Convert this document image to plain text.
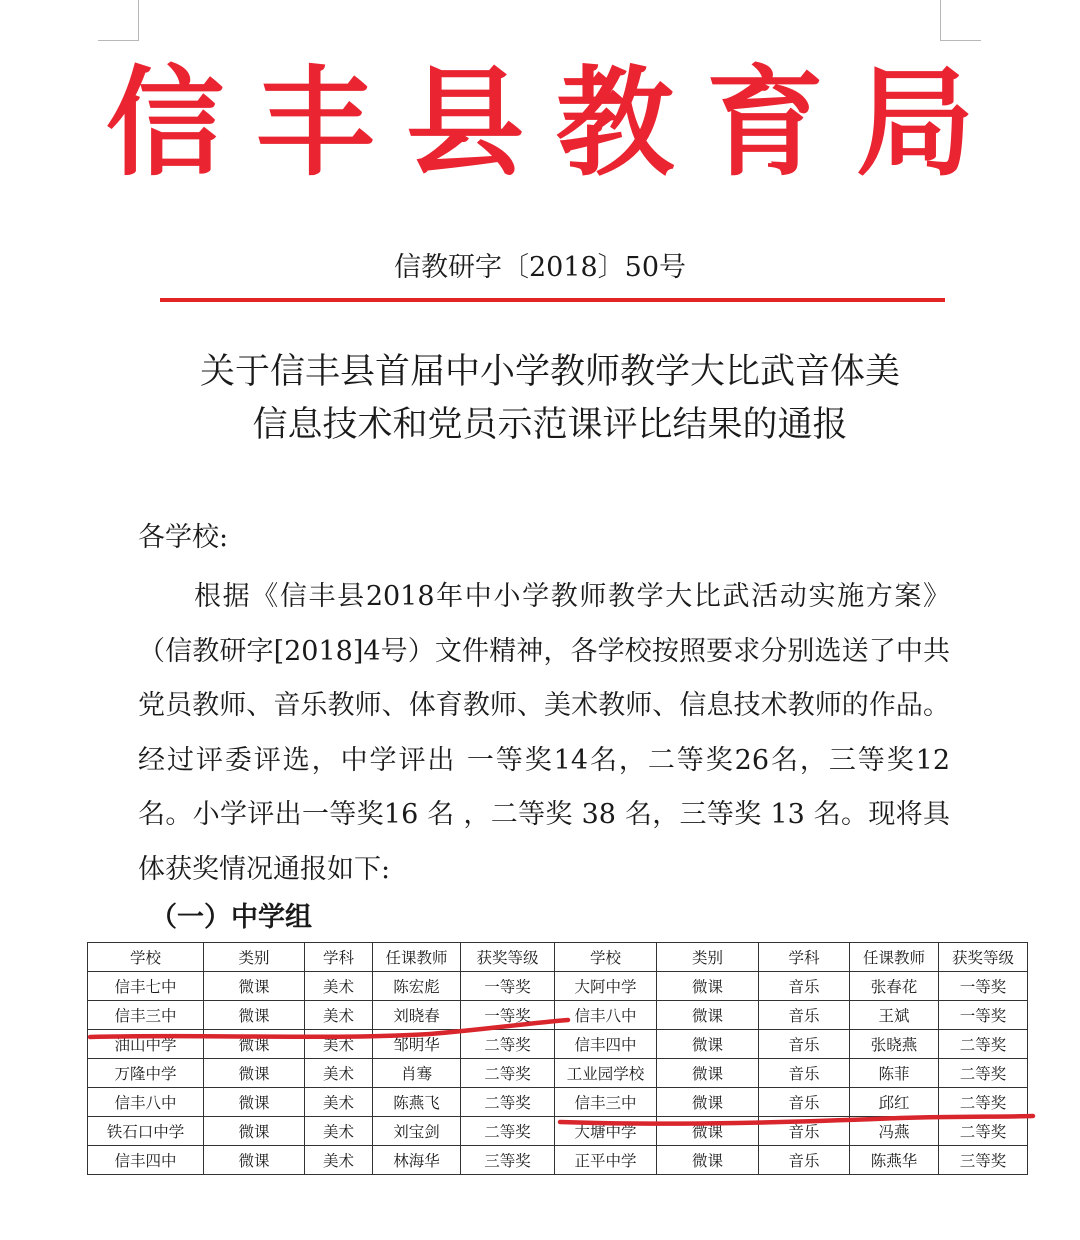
信丰县教育局
信教研字〔2018〕50号
关于信丰县首届中小学教师教学大比武音体美
信息技术和党员示范课评比结果的通报
各学校:
根据《信丰县2018年中小学教师教学大比武活动实施方案》（信教研字[2018]4号）文件精神，各学校按照要求分别选送了中共党员教师、音乐教师、体育教师、美术教师、信息技术教师的作品。经过评委评选，中学评出 一等奖14名，二等奖26名，三等奖12名。小学评出一等奖16 名 ，二等奖 38 名，三等奖 13 名。现将具体获奖情况通报如下:
（一）中学组
学校	类别	学科	任课教师	获奖等级	学校	类别	学科	任课教师	获奖等级
信丰七中	微课	美术	陈宏彪	一等奖	大阿中学	微课	音乐	张春花	一等奖
信丰三中	微课	美术	刘晓春	一等奖	信丰八中	微课	音乐	王斌	一等奖
油山中学	微课	美术	邹明华	二等奖	信丰四中	微课	音乐	张晓燕	二等奖
万隆中学	微课	美术	肖骞	二等奖	工业园学校	微课	音乐	陈菲	二等奖
信丰八中	微课	美术	陈燕飞	二等奖	信丰三中	微课	音乐	邱红	二等奖
铁石口中学	微课	美术	刘宝剑	二等奖	大塘中学	微课	音乐	冯燕	二等奖
信丰四中	微课	美术	林海华	三等奖	正平中学	微课	音乐	陈燕华	三等奖
